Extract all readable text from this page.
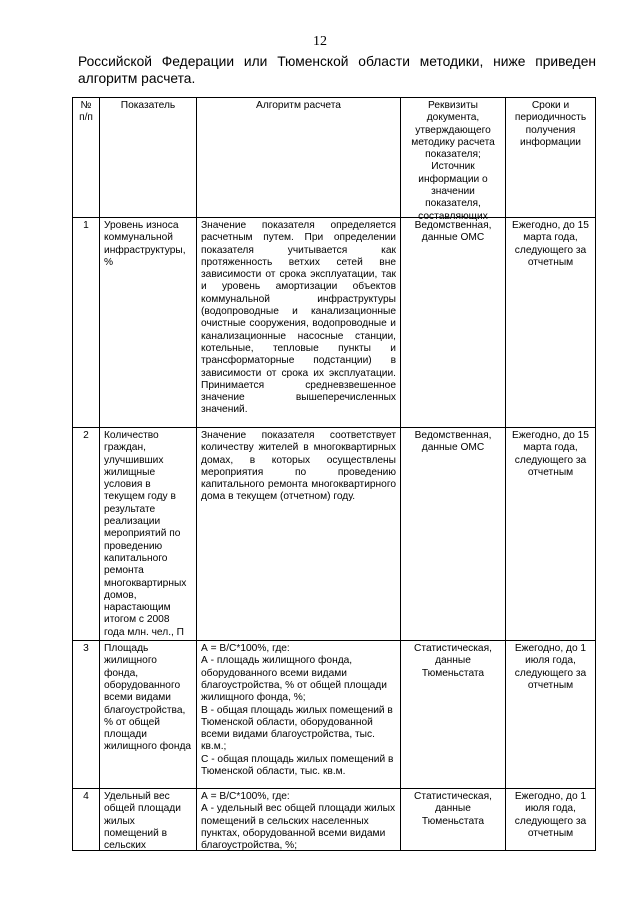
12

Российской Федерации или Тюменской области методики, ниже приведен алгоритм расчета.

№ п/п	Показатель	Алгоритм расчета	Реквизиты документа, утверждающего методику расчета показателя; Источник информации о значении показателя, составляющих	Сроки и периодичность получения информации
1	Уровень износа коммунальной инфраструктуры, %	Значение показателя определяется расчетным путем. При определении показателя учитывается как протяженность ветхих сетей вне зависимости от срока эксплуатации, так и уровень амортизации объектов коммунальной инфраструктуры (водопроводные и канализационные очистные сооружения, водопроводные и канализационные насосные станции, котельные, тепловые пункты и трансформаторные подстанции) в зависимости от срока их эксплуатации. Принимается средневзвешенное значение вышеперечисленных значений.	Ведомственная, данные ОМС	Ежегодно, до 15 марта года, следующего за отчетным
2	Количество граждан, улучшивших жилищные условия в текущем году в результате реализации мероприятий по проведению капитального ремонта многоквартирных домов, нарастающим итогом с 2008 года млн. чел., П	Значение показателя соответствует количеству жителей в многоквартирных домах, в которых осуществлены мероприятия по проведению капитального ремонта многоквартирного дома в текущем (отчетном) году.	Ведомственная, данные ОМС	Ежегодно, до 15 марта года, следующего за отчетным
3	Площадь жилищного фонда, оборудованного всеми видами благоустройства, % от общей площади жилищного фонда	А = В/С*100%, где:
А - площадь жилищного фонда, оборудованного всеми видами благоустройства, % от общей площади жилищного фонда, %;
В - общая площадь жилых помещений в Тюменской области, оборудованной всеми видами благоустройства, тыс. кв.м.;
С - общая площадь жилых помещений в Тюменской области, тыс. кв.м.	Статистическая, данные Тюменьстата	Ежегодно, до 1 июля года, следующего за отчетным
4	Удельный вес общей площади жилых помещений в сельских	А = В/С*100%, где:
А - удельный вес общей площади жилых помещений в сельских населенных пунктах, оборудованной всеми видами благоустройства, %;	Статистическая, данные Тюменьстата	Ежегодно, до 1 июля года, следующего за отчетным
